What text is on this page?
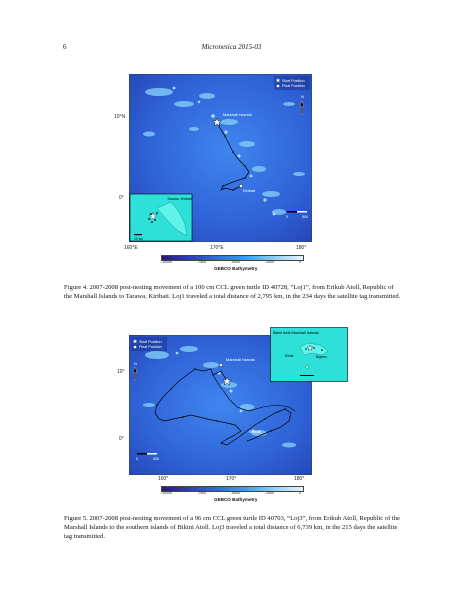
6	Micronesica 2015-03
Start Position
Final Position
N
Marshall Islands
Kiribati
0	500
Tarawa, Kiribati
10 km
10°N
0°
160°E	170°E	180°
-10000	-7500	-5000	-2500	0
GEBCO Bathymetry
Figure 4. 2007-2008 post-nesting movement of a 100 cm CCL green turtle ID 40728, “Loj1”, from Erikub Atoll, Republic of the Marshall Islands to Tarawa, Kiribati. Loj1 traveled a total distance of 2,795 km, in the 234 days the satellite tag transmitted.
Start Position
Final Position
N
Marshall Islands
Kiribati
0	500
Bikini Atoll Marshall Islands
Enirik	Bigiren
10°
0°
160°	170°	180°
-10000	-7500	-5000	-2500	0
GEBCO Bathymetry
Figure 5. 2007-2008 post-nesting movement of a 96 cm CCL green turtle ID 40703, “Loj3”, from Erikub Atoll, Republic of the Marshall Islands to the southern islands of Bikini Atoll. Loj3 traveled a total distance of 6,739 km, in the 215 days the satellite tag transmitted.
